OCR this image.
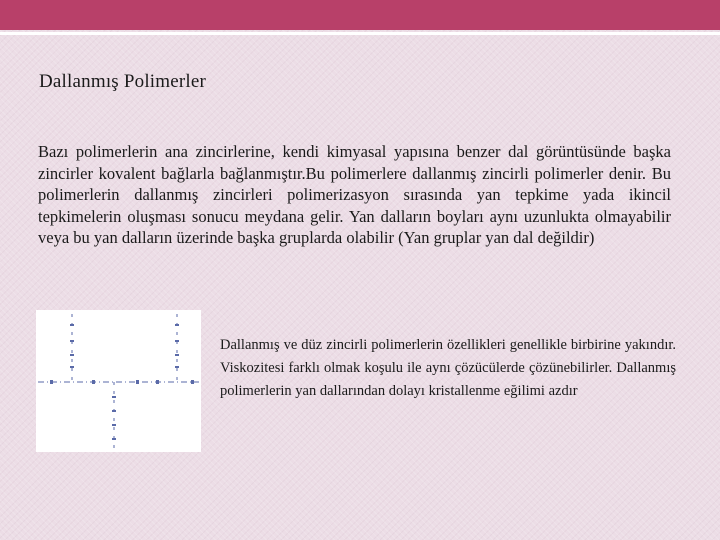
Dallanmış Polimerler
Bazı polimerlerin ana zincirlerine, kendi kimyasal yapısına benzer dal görüntüsünde başka zincirler kovalent bağlarla bağlanmıştır.Bu polimerlere dallanmış zincirli polimerler denir. Bu polimerlerin dallanmış zincirleri polimerizasyon sırasında yan tepkime yada ikincil tepkimelerin oluşması sonucu meydana gelir. Yan dalların boyları aynı uzunlukta olmayabilir veya bu yan dalların üzerinde başka gruplarda olabilir (Yan gruplar yan dal değildir)
Dallanmış ve düz zincirli polimerlerin özellikleri genellikle birbirine yakındır. Viskozitesi farklı olmak koşulu ile aynı çözücülerde çözünebilirler. Dallanmış polimerlerin yan dallarından dolayı kristallenme eğilimi azdır
